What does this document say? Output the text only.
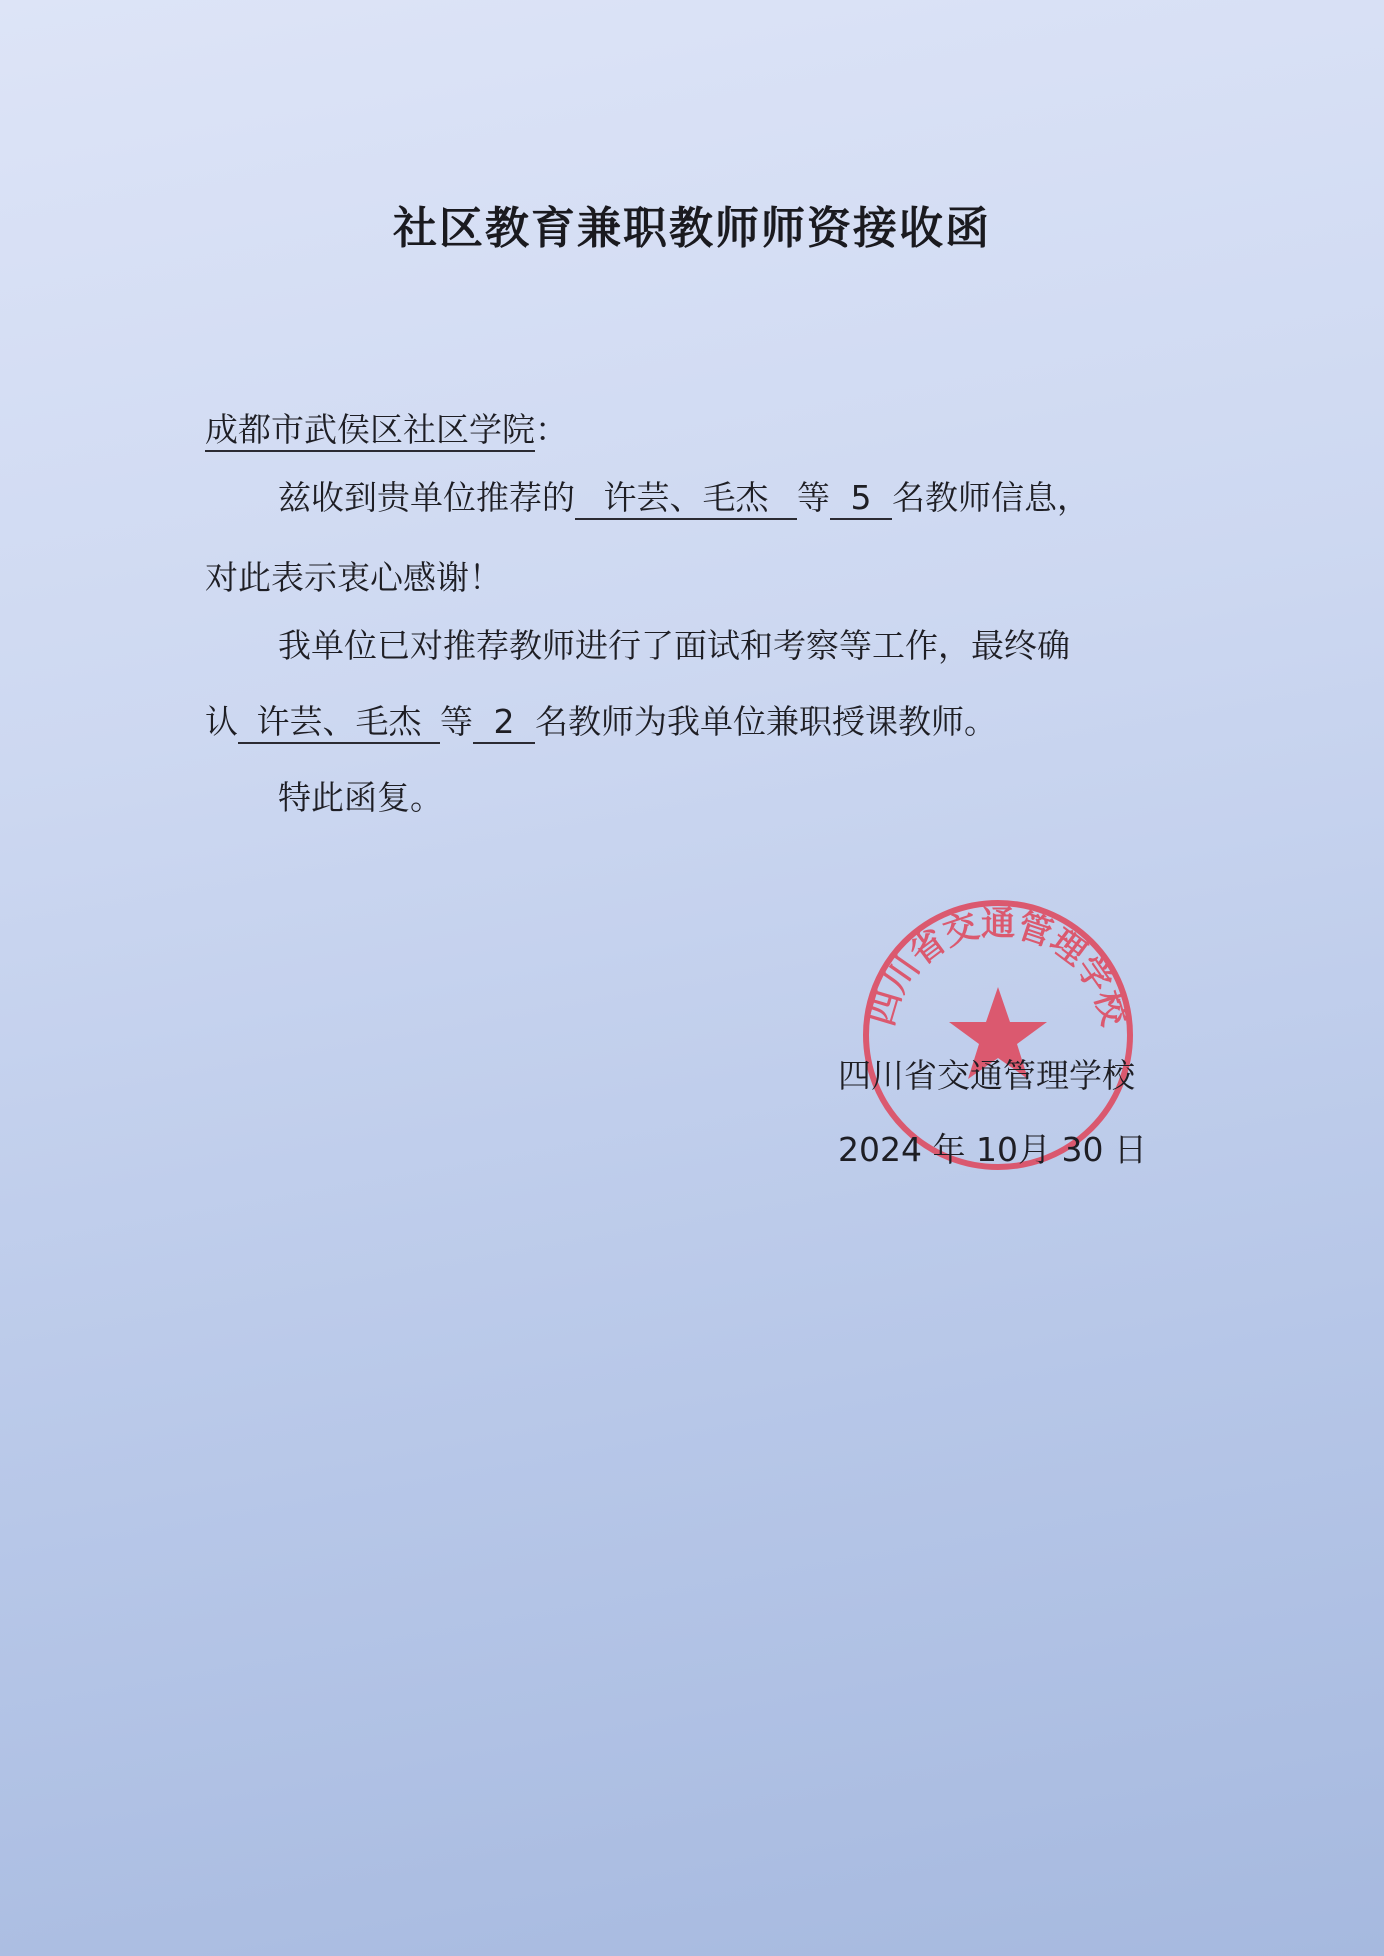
社区教育兼职教师师资接收函
成都市武侯区社区学院：
兹收到贵单位推荐的 许芸、毛杰 等 5 名教师信息，
对此表示衷心感谢！
我单位已对推荐教师进行了面试和考察等工作，最终确
认 许芸、毛杰 等 2 名教师为我单位兼职授课教师。
特此函复。
四川省交通管理学校
四川省交通管理学校
2024 年 10月 30 日
